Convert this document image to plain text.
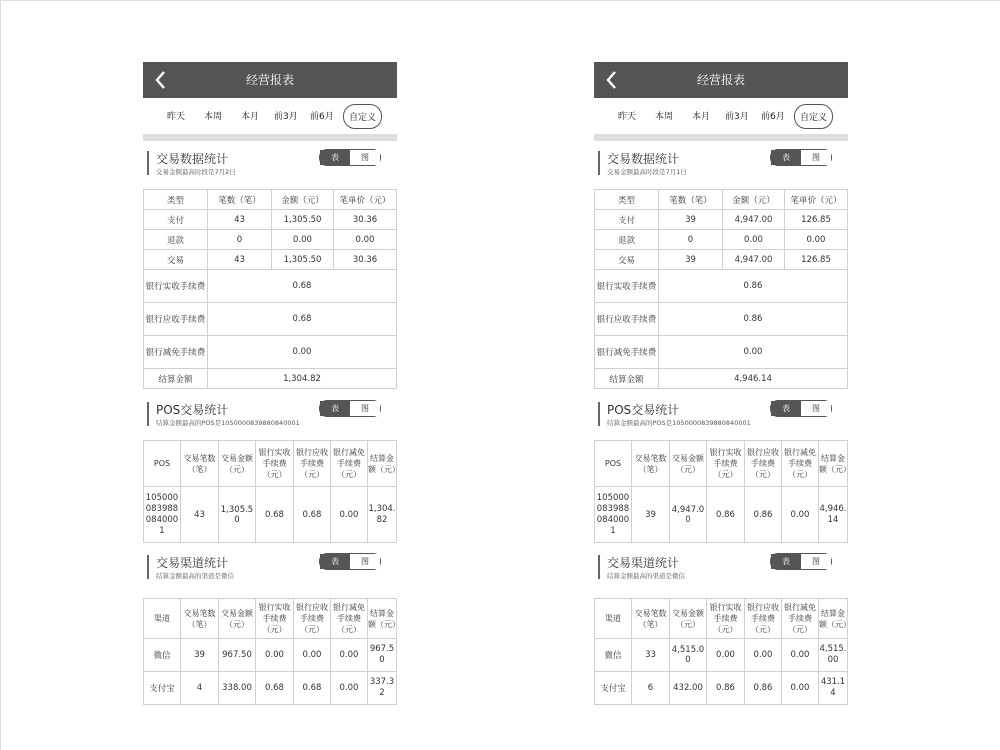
经营报表
昨天 本周 本月 前3月 前6月	自定义
交易数据统计
交易金额最高时段是7月2日
表	图
类型	笔数（笔）	金额（元）	笔单价（元）
支付	43	1,305.50	30.36
退款	0	0.00	0.00
交易	43	1,305.50	30.36
银行实收手续费	0.68		
银行应收手续费	0.68		
银行减免手续费	0.00		
结算金额	1,304.82		
POS交易统计
结算金额最高的POS是1050000839880840001
表	图
POS	交易笔数（笔）	交易金额（元）	银行实收手续费（元）	银行应收手续费（元）	银行减免手续费（元）	结算金额（元）
1050000839880840001	43	1,305.50	0.68	0.68	0.00	1,304.82
交易渠道统计
结算金额最高的渠道是微信
表	图
渠道	交易笔数（笔）	交易金额（元）	银行实收手续费（元）	银行应收手续费（元）	银行减免手续费（元）	结算金额（元）
微信	39	967.50	0.00	0.00	0.00	967.50
支付宝	4	338.00	0.68	0.68	0.00	337.32
经营报表
昨天 本周 本月 前3月 前6月	自定义
交易数据统计
交易金额最高时段是7月1日
表	图
类型	笔数（笔）	金额（元）	笔单价（元）
支付	39	4,947.00	126.85
退款	0	0.00	0.00
交易	39	4,947.00	126.85
银行实收手续费	0.86		
银行应收手续费	0.86		
银行减免手续费	0.00		
结算金额	4,946.14		
POS交易统计
结算金额最高的POS是1050000839880840001
表	图
POS	交易笔数（笔）	交易金额（元）	银行实收手续费（元）	银行应收手续费（元）	银行减免手续费（元）	结算金额（元）
1050000839880840001	39	4,947.00	0.86	0.86	0.00	4,946.14
交易渠道统计
结算金额最高的渠道是微信
表	图
渠道	交易笔数（笔）	交易金额（元）	银行实收手续费（元）	银行应收手续费（元）	银行减免手续费（元）	结算金额（元）
微信	33	4,515.00	0.00	0.00	0.00	4,515.00
支付宝	6	432.00	0.86	0.86	0.00	431.14
